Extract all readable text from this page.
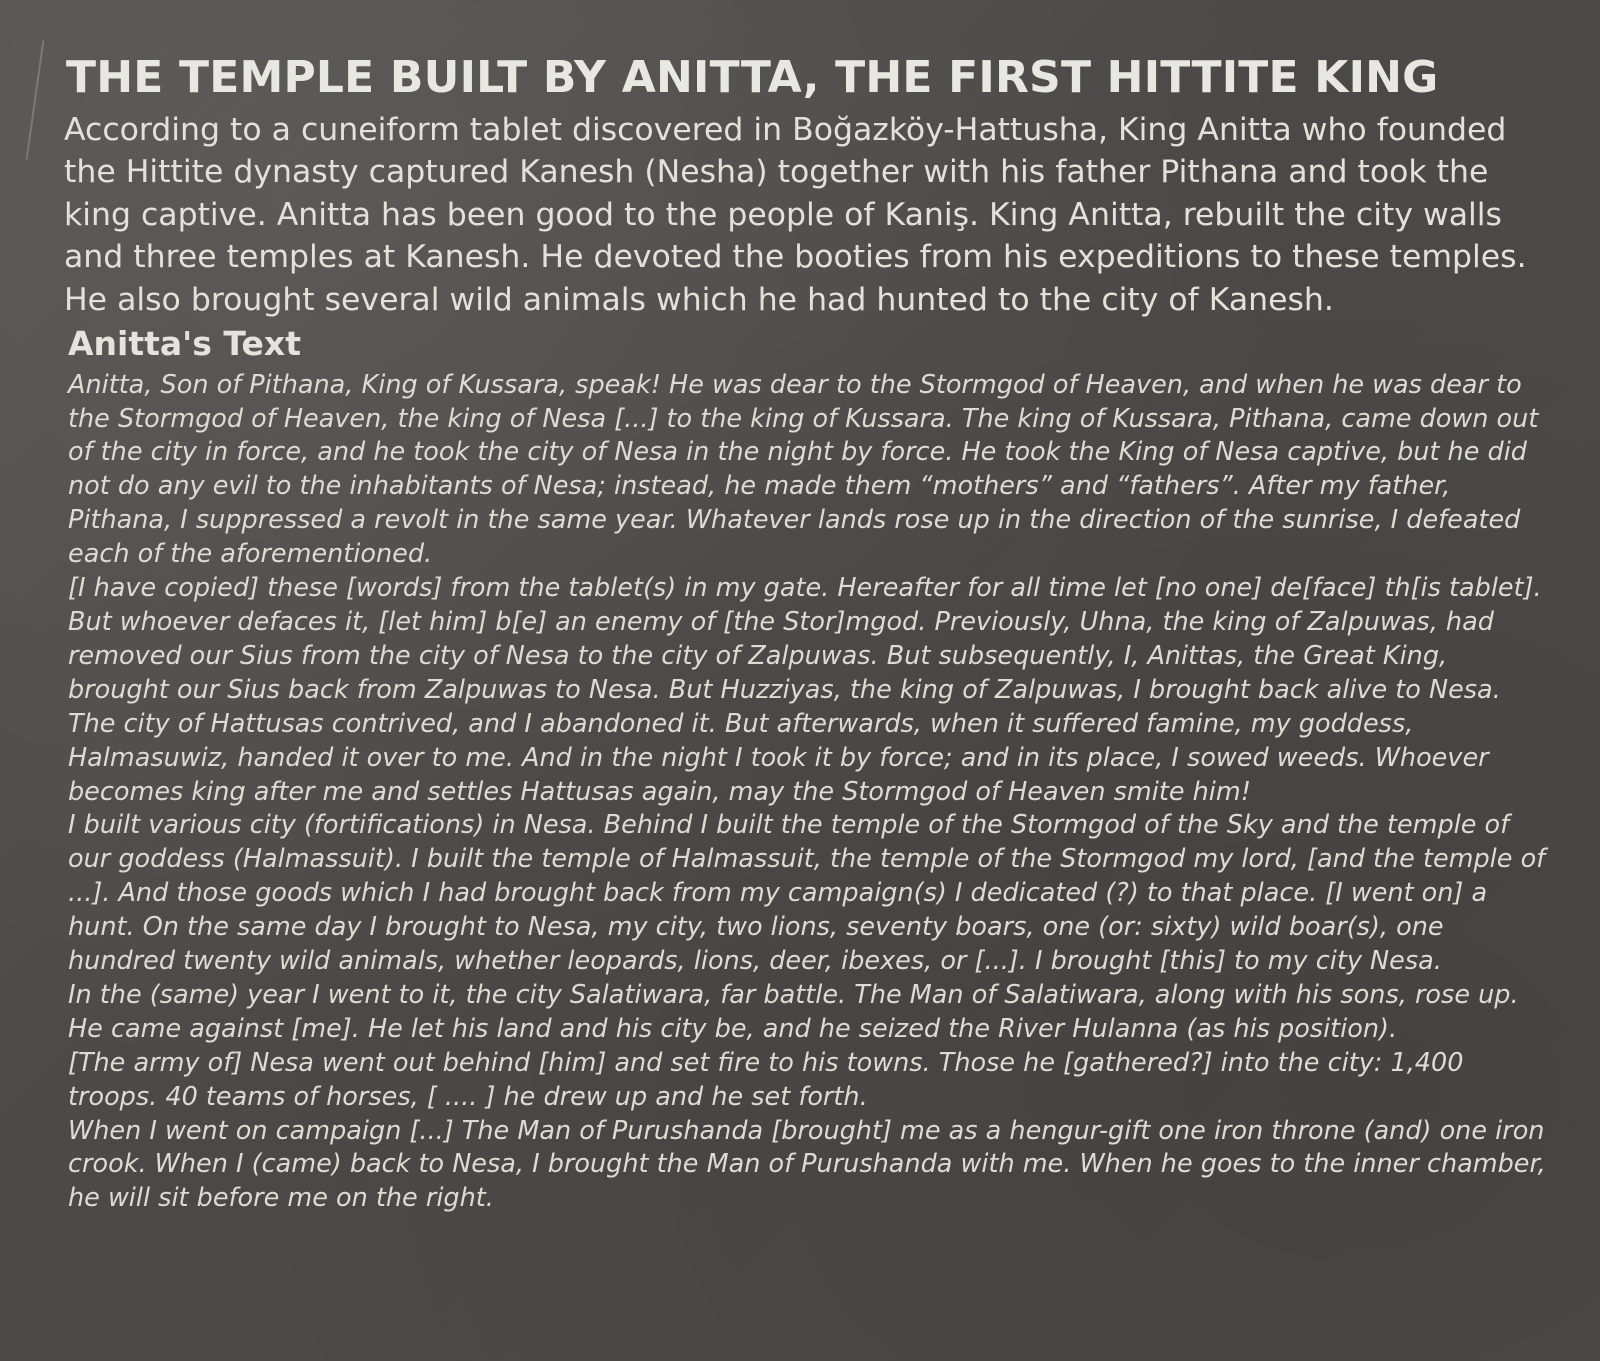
THE TEMPLE BUILT BY ANITTA, THE FIRST HITTITE KING

According to a cuneiform tablet discovered in Boğazköy-Hattusha, King Anitta who founded the Hittite dynasty captured Kanesh (Nesha) together with his father Pithana and took the king captive. Anitta has been good to the people of Kaniş. King Anitta, rebuilt the city walls and three temples at Kanesh. He devoted the booties from his expeditions to these temples. He also brought several wild animals which he had hunted to the city of Kanesh.

Anitta's Text

Anitta, Son of Pithana, King of Kussara, speak! He was dear to the Stormgod of Heaven, and when he was dear to the Stormgod of Heaven, the king of Nesa [...] to the king of Kussara. The king of Kussara, Pithana, came down out of the city in force, and he took the city of Nesa in the night by force. He took the King of Nesa captive, but he did not do any evil to the inhabitants of Nesa; instead, he made them “mothers” and “fathers”. After my father, Pithana, I suppressed a revolt in the same year. Whatever lands rose up in the direction of the sunrise, I defeated each of the aforementioned.

[I have copied] these [words] from the tablet(s) in my gate. Hereafter for all time let [no one] de[face] th[is tablet]. But whoever defaces it, [let him] b[e] an enemy of [the Stor]mgod. Previously, Uhna, the king of Zalpuwas, had removed our Sius from the city of Nesa to the city of Zalpuwas. But subsequently, I, Anittas, the Great King, brought our Sius back from Zalpuwas to Nesa. But Huzziyas, the king of Zalpuwas, I brought back alive to Nesa.

The city of Hattusas contrived, and I abandoned it. But afterwards, when it suffered famine, my goddess, Halmasuwiz, handed it over to me. And in the night I took it by force; and in its place, I sowed weeds. Whoever becomes king after me and settles Hattusas again, may the Stormgod of Heaven smite him!

I built various city (fortifications) in Nesa. Behind I built the temple of the Stormgod of the Sky and the temple of our goddess (Halmassuit). I built the temple of Halmassuit, the temple of the Stormgod my lord, [and the temple of ...]. And those goods which I had brought back from my campaign(s) I dedicated (?) to that place. [I went on] a hunt. On the same day I brought to Nesa, my city, two lions, seventy boars, one (or: sixty) wild boar(s), one hundred twenty wild animals, whether leopards, lions, deer, ibexes, or [...]. I brought [this] to my city Nesa.

In the (same) year I went to it, the city Salatiwara, far battle. The Man of Salatiwara, along with his sons, rose up. He came against [me]. He let his land and his city be, and he seized the River Hulanna (as his position).

[The army of] Nesa went out behind [him] and set fire to his towns. Those he [gathered?] into the city: 1,400 troops. 40 teams of horses, [ .... ] he drew up and he set forth.

When I went on campaign [...] The Man of Purushanda [brought] me as a hengur-gift one iron throne (and) one iron crook. When I (came) back to Nesa, I brought the Man of Purushanda with me. When he goes to the inner chamber, he will sit before me on the right.
